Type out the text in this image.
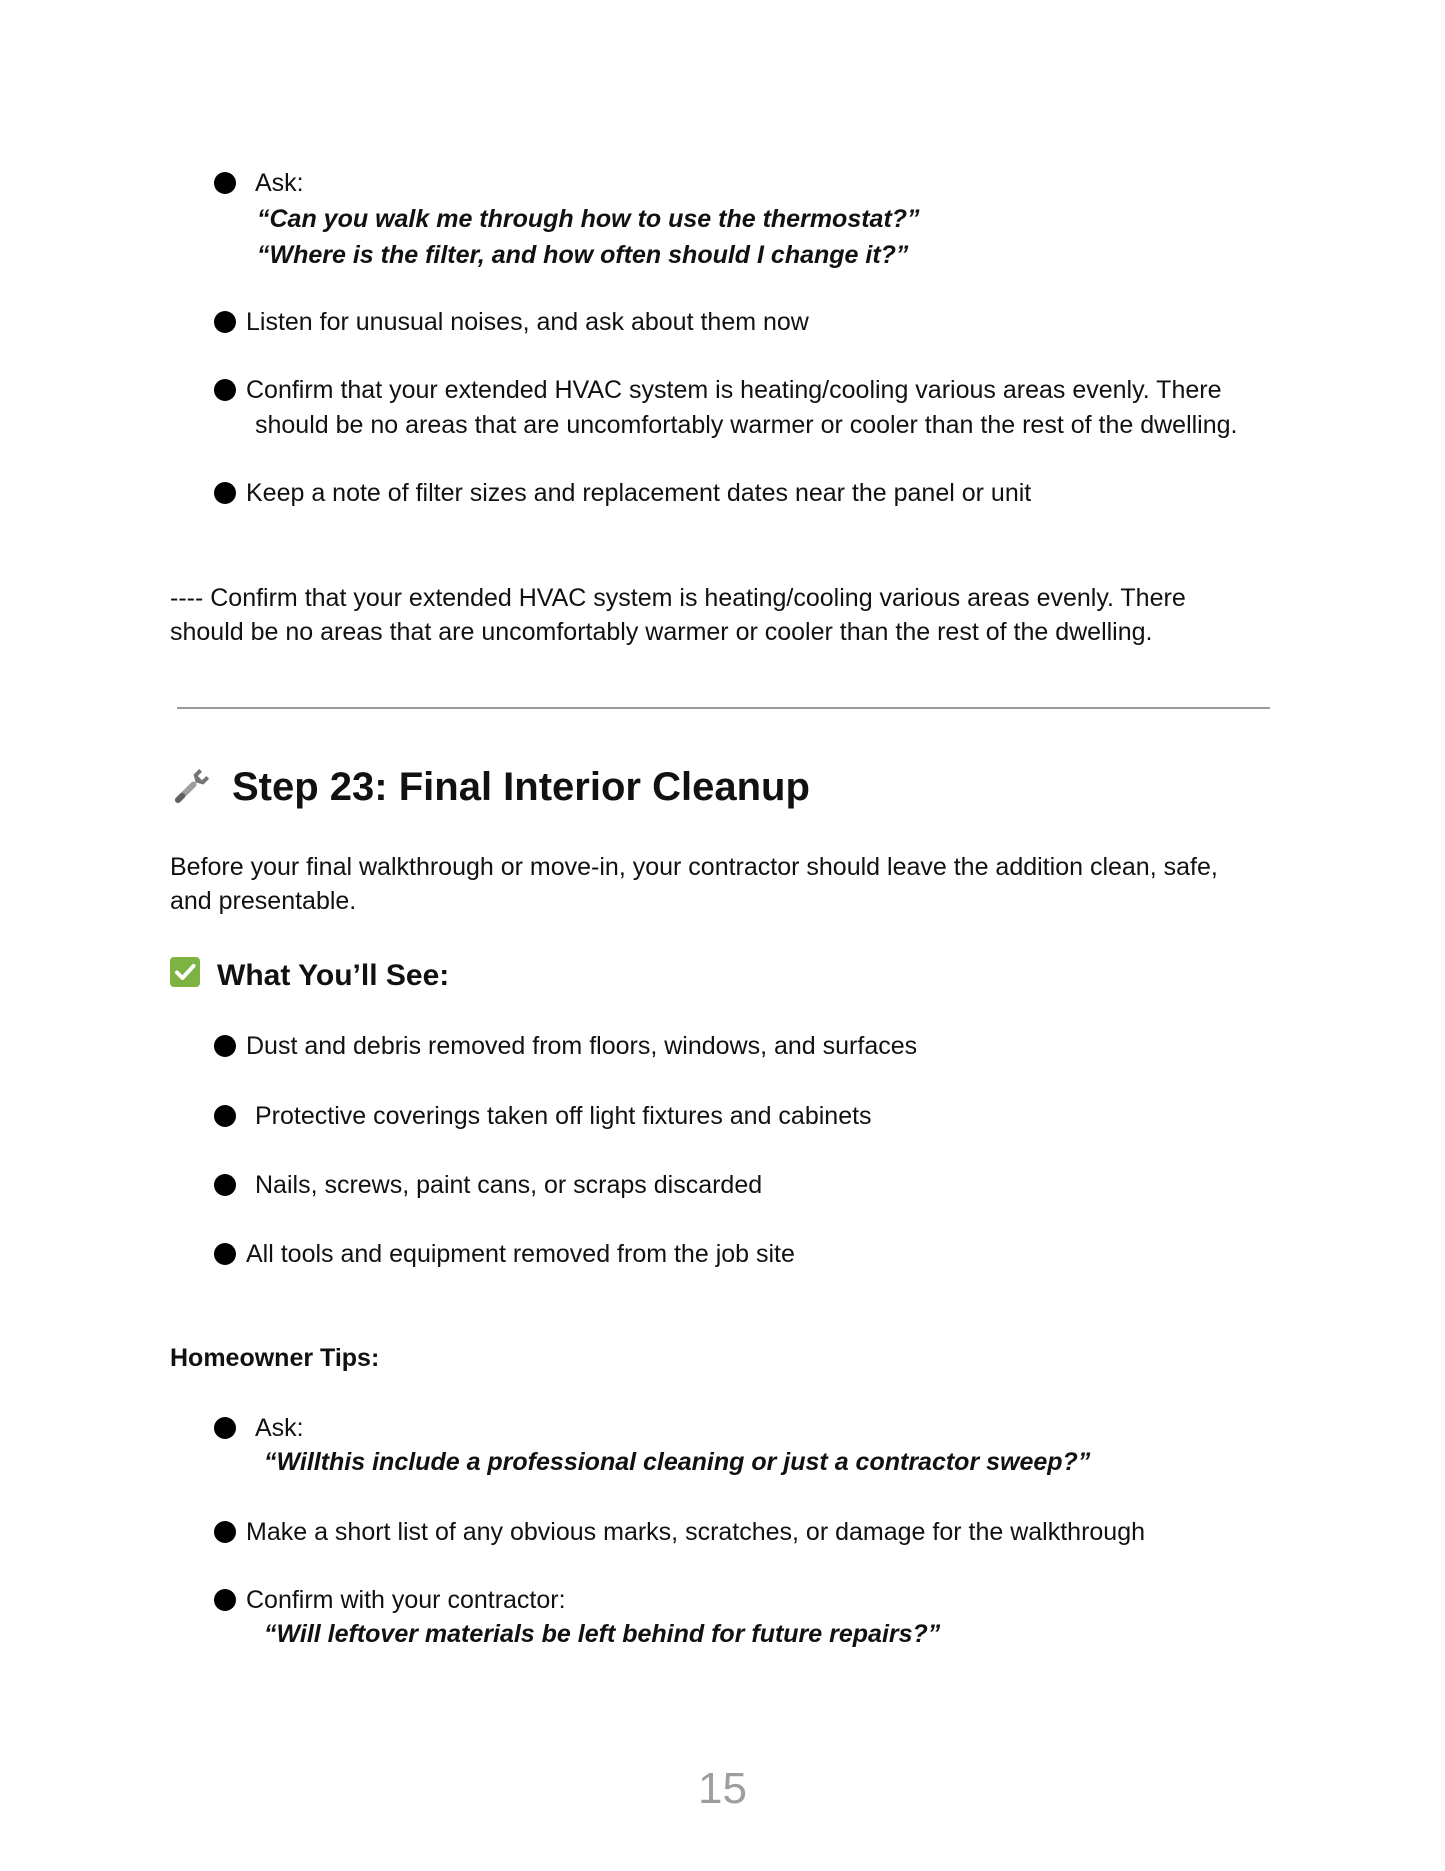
Ask:
“Can you walk me through how to use the thermostat?”
“Where is the filter, and how often should I change it?”
Listen for unusual noises, and ask about them now
Confirm that your extended HVAC system is heating/cooling various areas evenly. There
should be no areas that are uncomfortably warmer or cooler than the rest of the dwelling.
Keep a note of filter sizes and replacement dates near the panel or unit
---- Confirm that your extended HVAC system is heating/cooling various areas evenly. There
should be no areas that are uncomfortably warmer or cooler than the rest of the dwelling.
Step 23: Final Interior Cleanup
Before your final walkthrough or move-in, your contractor should leave the addition clean, safe,
and presentable.
What You’ll See:
Dust and debris removed from floors, windows, and surfaces
Protective coverings taken off light fixtures and cabinets
Nails, screws, paint cans, or scraps discarded
All tools and equipment removed from the job site
Homeowner Tips:
Ask:
“Willthis include a professional cleaning or just a contractor sweep?”
Make a short list of any obvious marks, scratches, or damage for the walkthrough
Confirm with your contractor:
“Will leftover materials be left behind for future repairs?”
15
